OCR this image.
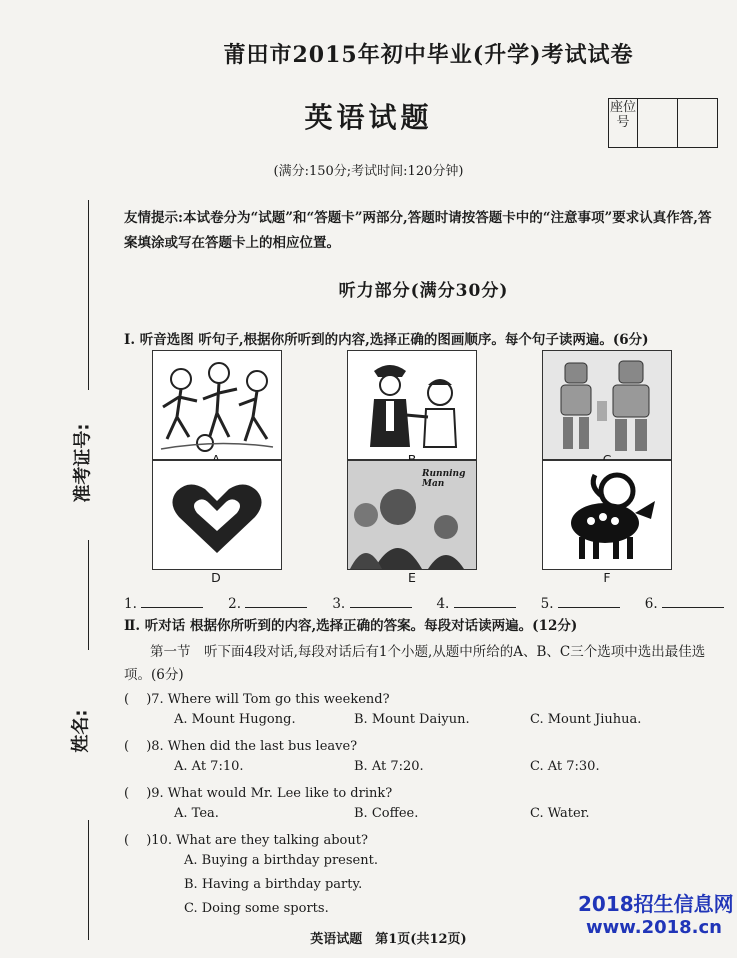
莆田市2015年初中毕业(升学)考试试卷
英语试题	座位号
(满分:150分;考试时间:120分钟)
友情提示:本试卷分为“试题”和“答题卡”两部分,答题时请按答题卡中的“注意事项”要求认真作答,答案填涂或写在答题卡上的相应位置。
听力部分(满分30分)
Ⅰ. 听音选图 听句子,根据你所听到的内容,选择正确的图画顺序。每个句子读两遍。(6分)
D
Running Man
E	F
1.	2.	3.	4.	5.	6.
Ⅱ. 听对话 根据你所听到的内容,选择正确的答案。每段对话读两遍。(12分)
第一节　听下面4段对话,每段对话后有1个小题,从题中所给的A、B、C三个选项中选出最佳选项。(6分)
(　 )7. Where will Tom go this weekend?
A. Mount Hugong.	B. Mount Daiyun.	C. Mount Jiuhua.
(　 )8. When did the last bus leave?
A. At 7:10.	B. At 7:20.	C. At 7:30.
(　 )9. What would Mr. Lee like to drink?
A. Tea.	B. Coffee.	C. Water.
(　 )10. What are they talking about?
A. Buying a birthday present.
B. Having a birthday party.
C. Doing some sports.
准考证号:
姓名:
英语试题　第1页(共12页)
2018招生信息网
www.2018.cn
